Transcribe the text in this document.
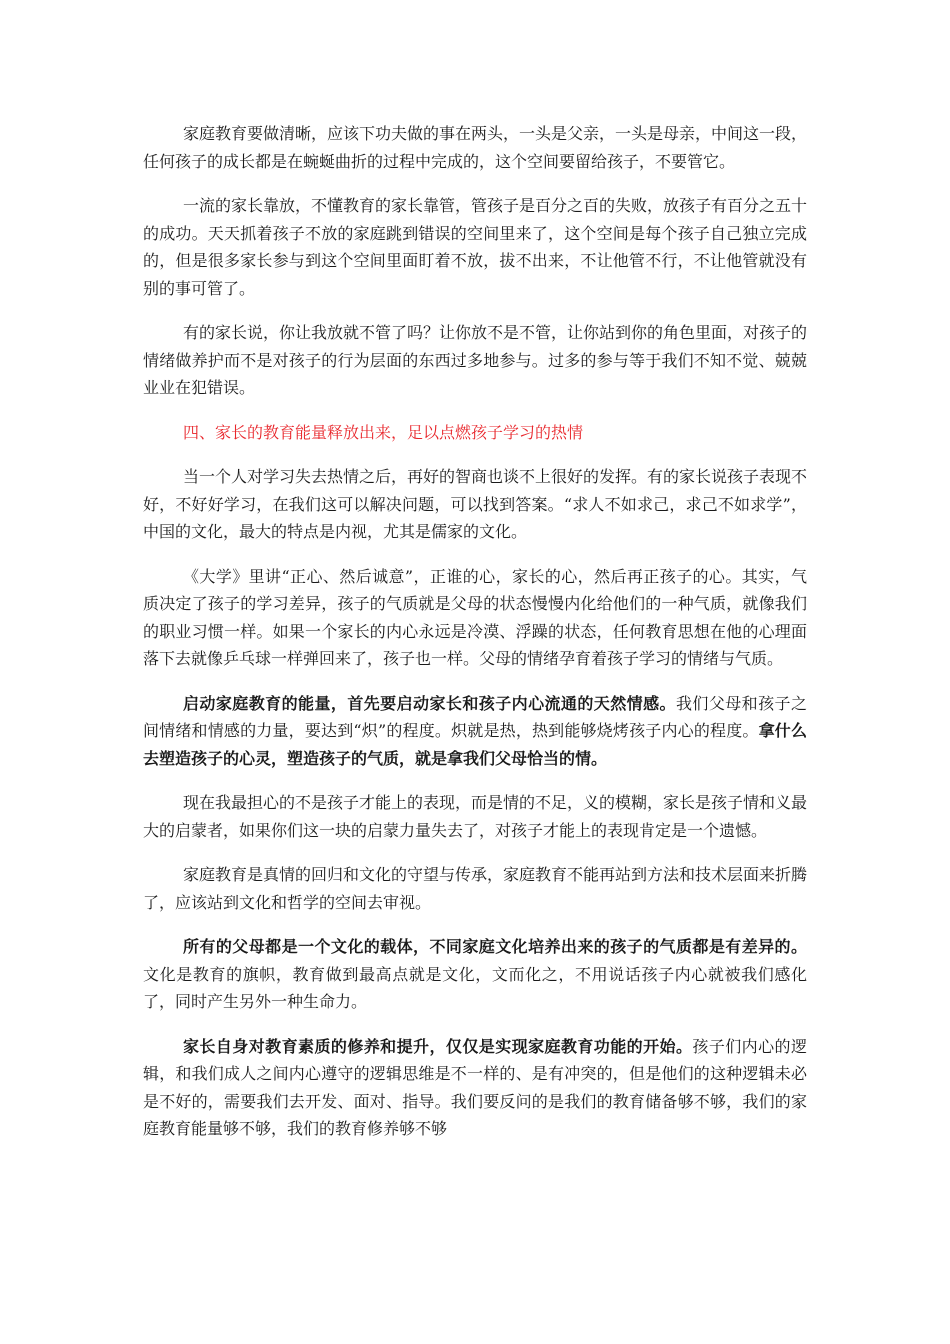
家庭教育要做清晰，应该下功夫做的事在两头，一头是父亲，一头是母亲，中间这一段，任何孩子的成长都是在蜿蜒曲折的过程中完成的，这个空间要留给孩子，不要管它。

一流的家长靠放，不懂教育的家长靠管，管孩子是百分之百的失败，放孩子有百分之五十的成功。天天抓着孩子不放的家庭跳到错误的空间里来了，这个空间是每个孩子自己独立完成的，但是很多家长参与到这个空间里面盯着不放，拔不出来，不让他管不行，不让他管就没有别的事可管了。

有的家长说，你让我放就不管了吗？让你放不是不管，让你站到你的角色里面，对孩子的情绪做养护而不是对孩子的行为层面的东西过多地参与。过多的参与等于我们不知不觉、兢兢业业在犯错误。

四、家长的教育能量释放出来，足以点燃孩子学习的热情

当一个人对学习失去热情之后，再好的智商也谈不上很好的发挥。有的家长说孩子表现不好，不好好学习，在我们这可以解决问题，可以找到答案。“求人不如求己，求己不如求学”，中国的文化，最大的特点是内视，尤其是儒家的文化。

《大学》里讲“正心、然后诚意”，正谁的心，家长的心，然后再正孩子的心。其实，气质决定了孩子的学习差异，孩子的气质就是父母的状态慢慢内化给他们的一种气质，就像我们的职业习惯一样。如果一个家长的内心永远是冷漠、浮躁的状态，任何教育思想在他的心理面落下去就像乒乓球一样弹回来了，孩子也一样。父母的情绪孕育着孩子学习的情绪与气质。

启动家庭教育的能量，首先要启动家长和孩子内心流通的天然情感。我们父母和孩子之间情绪和情感的力量，要达到“炽”的程度。炽就是热，热到能够烧烤孩子内心的程度。拿什么去塑造孩子的心灵，塑造孩子的气质，就是拿我们父母恰当的情。

现在我最担心的不是孩子才能上的表现，而是情的不足，义的模糊，家长是孩子情和义最大的启蒙者，如果你们这一块的启蒙力量失去了，对孩子才能上的表现肯定是一个遗憾。

家庭教育是真情的回归和文化的守望与传承，家庭教育不能再站到方法和技术层面来折腾了，应该站到文化和哲学的空间去审视。

所有的父母都是一个文化的载体，不同家庭文化培养出来的孩子的气质都是有差异的。文化是教育的旗帜，教育做到最高点就是文化，文而化之，不用说话孩子内心就被我们感化了，同时产生另外一种生命力。

家长自身对教育素质的修养和提升，仅仅是实现家庭教育功能的开始。孩子们内心的逻辑，和我们成人之间内心遵守的逻辑思维是不一样的、是有冲突的，但是他们的这种逻辑未必是不好的，需要我们去开发、面对、指导。我们要反问的是我们的教育储备够不够，我们的家庭教育能量够不够，我们的教育修养够不够
